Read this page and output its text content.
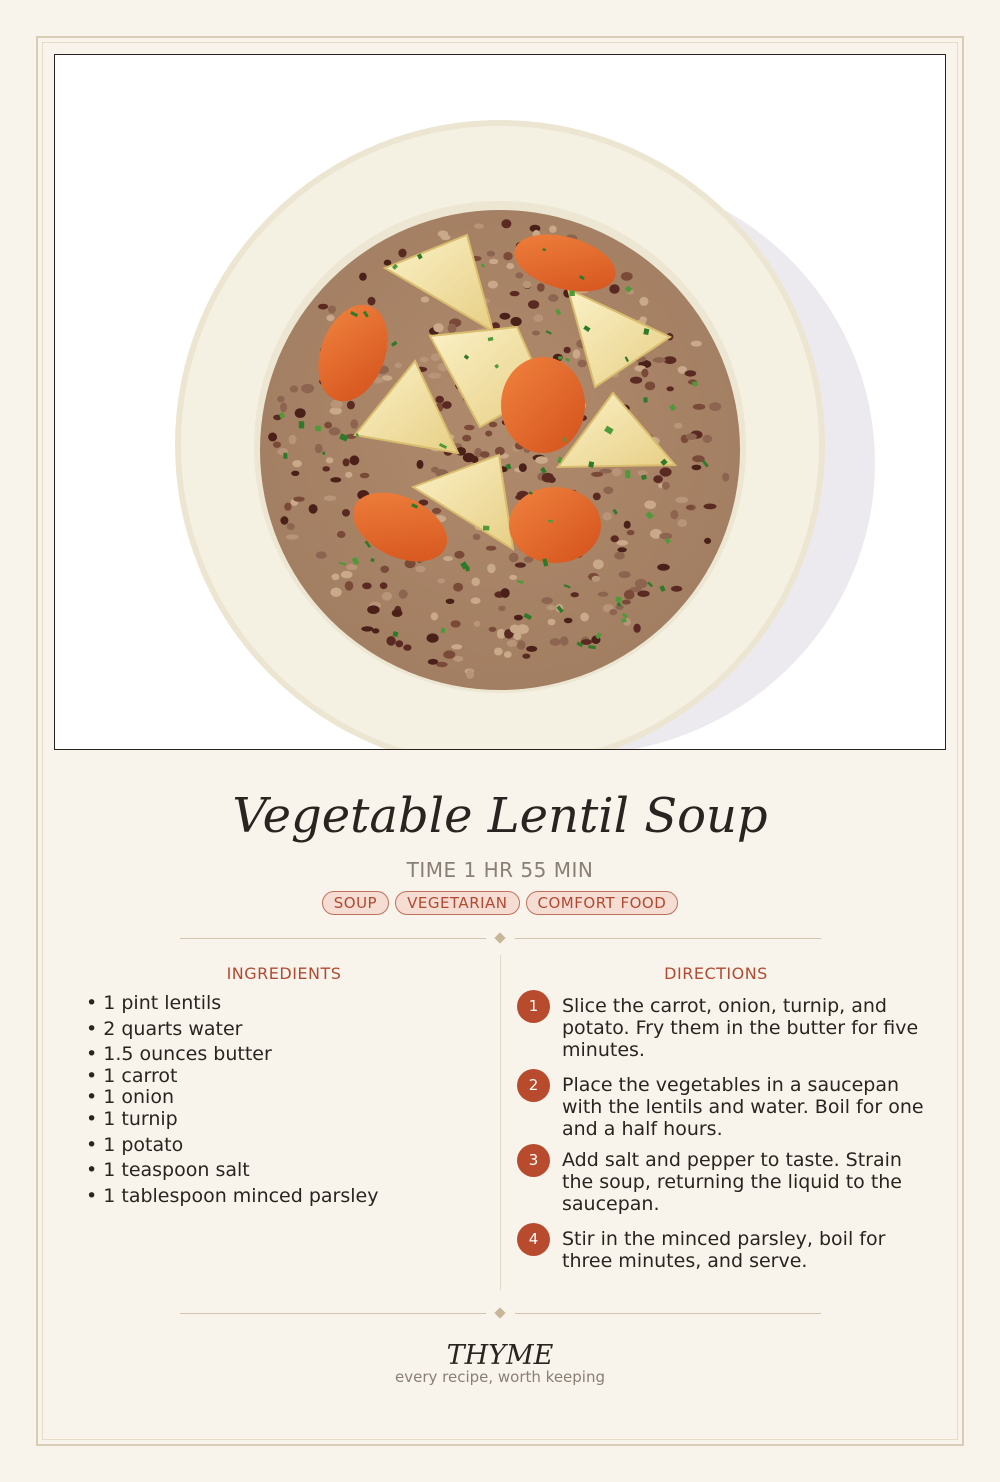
Vegetable Lentil Soup
TIME 1 HR 55 MIN
SOUP VEGETARIAN COMFORT FOOD
INGREDIENTS	DIRECTIONS
• 1 pint lentils
• 2 quarts water
• 1.5 ounces butter
• 1 carrot
• 1 onion
• 1 turnip
• 1 potato
• 1 teaspoon salt
• 1 tablespoon minced parsley
1	Slice the carrot, onion, turnip, and potato. Fry them in the butter for five minutes.
2	Place the vegetables in a saucepan with the lentils and water. Boil for one and a half hours.
3	Add salt and pepper to taste. Strain the soup, returning the liquid to the saucepan.
4	Stir in the minced parsley, boil for three minutes, and serve.
THYME
every recipe, worth keeping
